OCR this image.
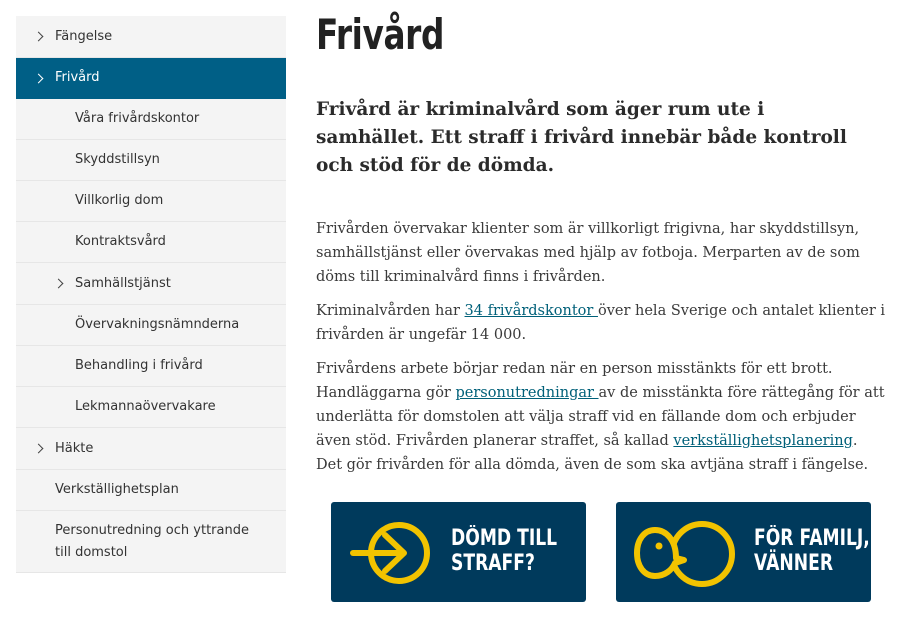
Fängelse
Frivård
Våra frivårdskontor
Skyddstillsyn
Villkorlig dom
Kontraktsvård
Samhällstjänst
Övervakningsnämnderna
Behandling i frivård
Lekmannaövervakare
Häkte
Verkställighetsplan
Personutredning och yttrande till domstol
Frivård

Frivård är kriminalvård som äger rum ute i samhället. Ett straff i frivård innebär både kontroll och stöd för de dömda.

Frivården övervakar klienter som är villkorligt frigivna, har skyddstillsyn, samhällstjänst eller övervakas med hjälp av fotboja. Merparten av de som döms till kriminalvård finns i frivården.

Kriminalvården har 34 frivårdskontor över hela Sverige och antalet klienter i frivården är ungefär 14 000.

Frivårdens arbete börjar redan när en person misstänkts för ett brott. Handläggarna gör personutredningar av de misstänkta före rättegång för att underlätta för domstolen att välja straff vid en fällande dom och erbjuder även stöd. Frivården planerar straffet, så kallad verkställighetsplanering. Det gör frivården för alla dömda, även de som ska avtjäna straff i fängelse.

DÖMD TILL
STRAFF?
FÖR FAMILJ,
VÄNNER
